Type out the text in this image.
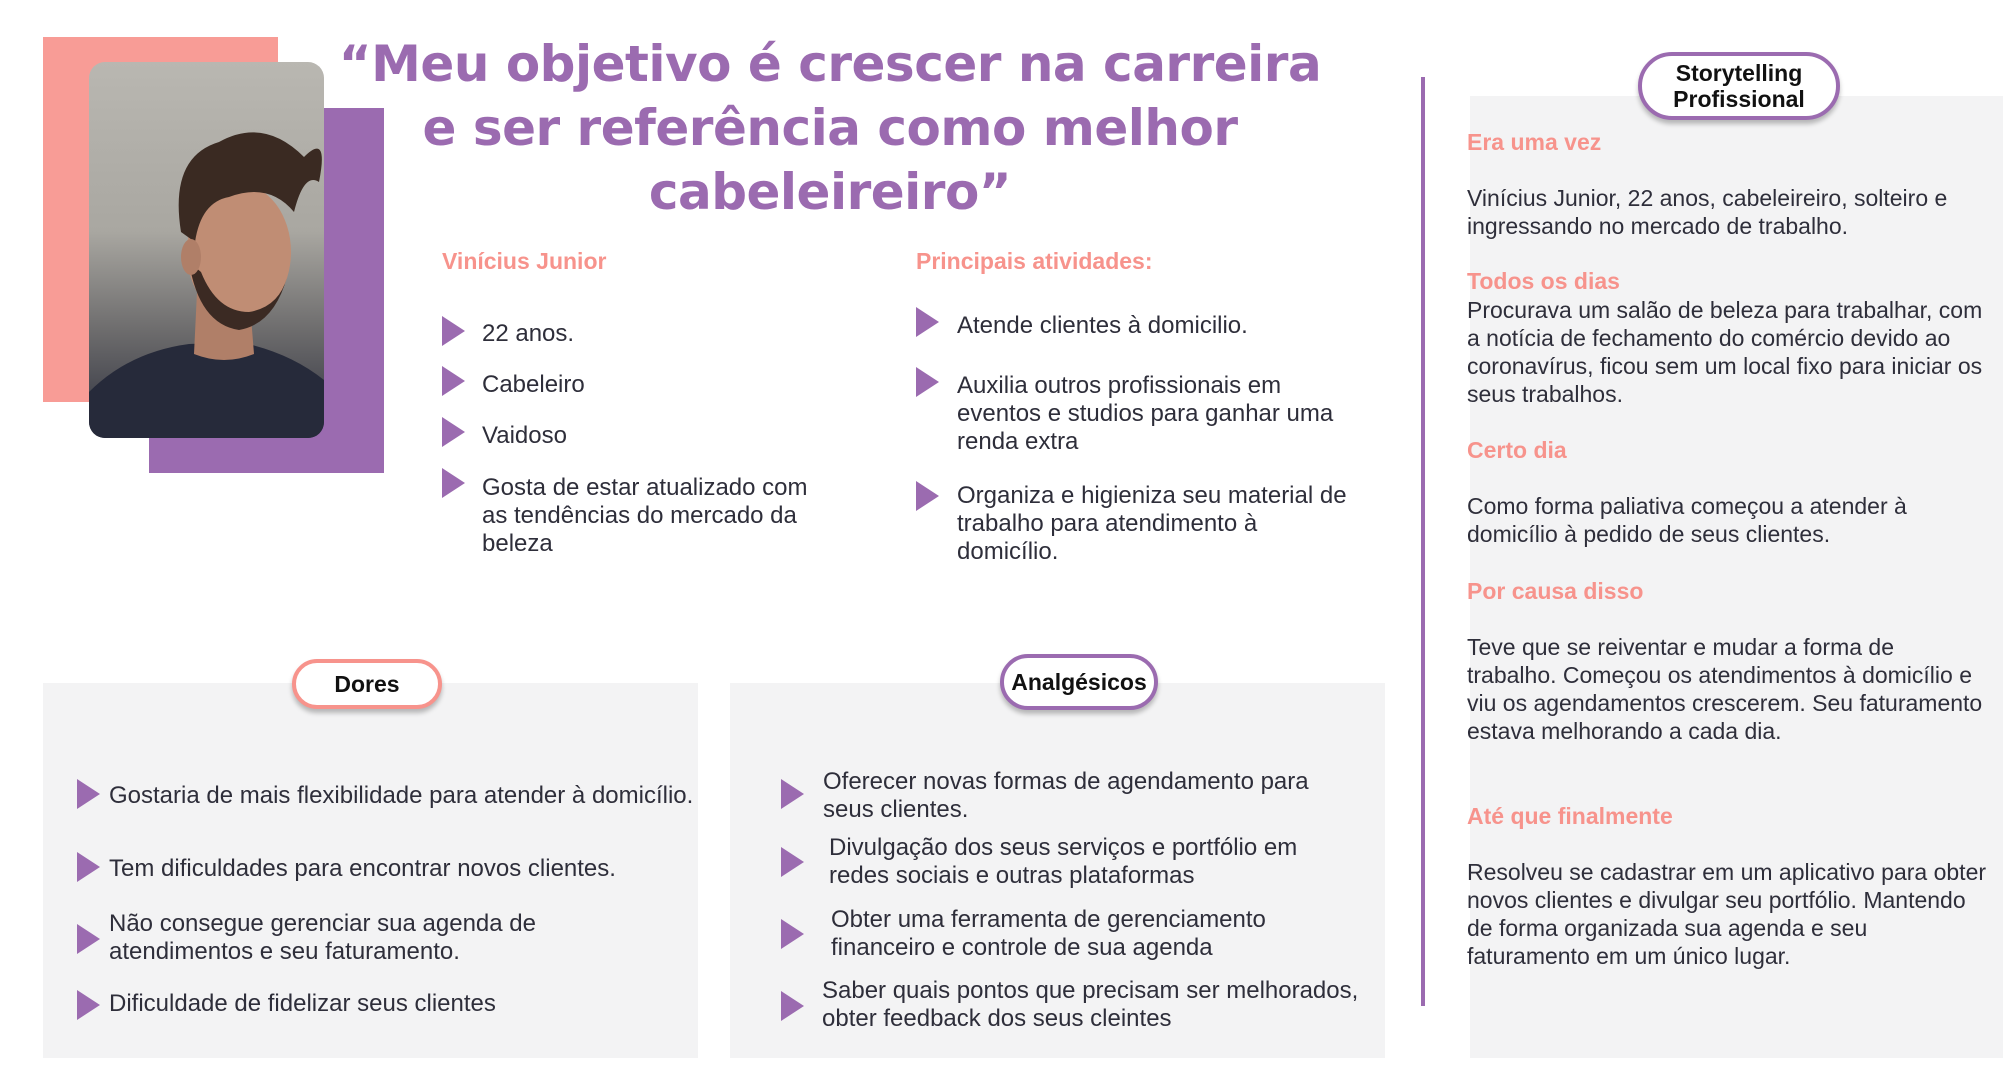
“Meu objetivo é crescer na carreira e ser referência como melhor cabeleireiro”
Vinícius Junior
22 anos.
Cabeleiro
Vaidoso
Gosta de estar atualizado com as tendências do mercado da beleza
Principais atividades:
Atende clientes à domicilio.
Auxilia outros profissionais em eventos e studios para ganhar uma renda extra
Organiza e higieniza seu material de trabalho para atendimento à domicílio.
Dores
Gostaria de mais flexibilidade para atender à domicílio.
Tem dificuldades para encontrar novos clientes.
Não consegue gerenciar sua agenda de atendimentos e seu faturamento.
Dificuldade de fidelizar seus clientes
Analgésicos
Oferecer novas formas de agendamento para seus clientes.
Divulgação dos seus serviços e portfólio em redes sociais e outras plataformas
Obter uma ferramenta de gerenciamento financeiro e controle de sua agenda
Saber quais pontos que precisam ser melhorados, obter feedback dos seus cleintes
Storytelling
Profissional
Era uma vez
Vinícius Junior, 22 anos, cabeleireiro, solteiro e ingressando no mercado de trabalho.
Todos os dias
Procurava um salão de beleza para trabalhar, com a notícia de fechamento do comércio devido ao coronavírus, ficou sem um local fixo para iniciar os seus trabalhos.
Certo dia
Como forma paliativa começou a atender à domicílio à pedido de seus clientes.
Por causa disso
Teve que se reiventar e mudar a forma de trabalho. Começou os atendimentos à domicílio e viu os agendamentos crescerem. Seu faturamento estava melhorando a cada dia.
Até que finalmente
Resolveu se cadastrar em um aplicativo para obter novos clientes e divulgar seu portfólio. Mantendo de forma organizada sua agenda e seu faturamento em um único lugar.
